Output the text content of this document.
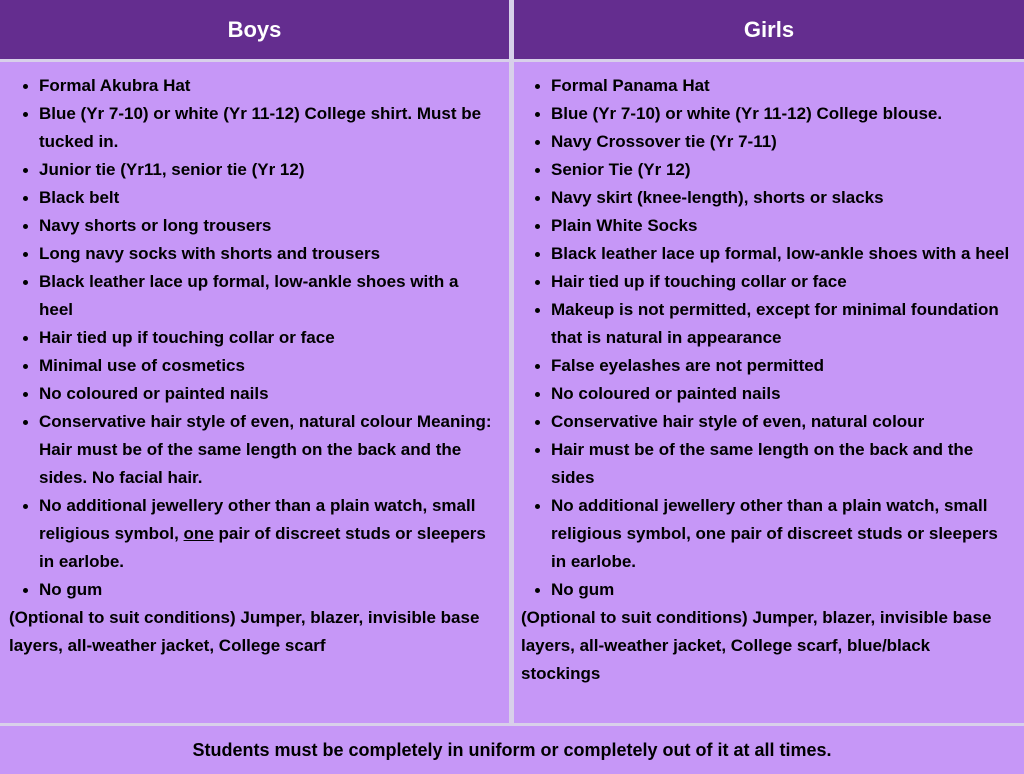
Boys	Girls
Formal Akubra Hat
Blue (Yr 7-10) or white (Yr 11-12) College shirt. Must be tucked in.
Junior tie (Yr11, senior tie (Yr 12)
Black belt
Navy shorts or long trousers
Long navy socks with shorts and trousers
Black leather lace up formal, low-ankle shoes with a heel
Hair tied up if touching collar or face
Minimal use of cosmetics
No coloured or painted nails
Conservative hair style of even, natural colour Meaning: Hair must be of the same length on the back and the sides. No facial hair.
No additional jewellery other than a plain watch, small religious symbol, one pair of discreet studs or sleepers in earlobe.
No gum

(Optional to suit conditions) Jumper, blazer, invisible base layers, all-weather jacket, College scarf

Formal Panama Hat
Blue (Yr 7-10) or white (Yr 11-12) College blouse.
Navy Crossover tie (Yr 7-11)
Senior Tie (Yr 12)
Navy skirt (knee-length), shorts or slacks
Plain White Socks
Black leather lace up formal, low-ankle shoes with a heel
Hair tied up if touching collar or face
Makeup is not permitted, except for minimal foundation that is natural in appearance
False eyelashes are not permitted
No coloured or painted nails
Conservative hair style of even, natural colour
Hair must be of the same length on the back and the sides
No additional jewellery other than a plain watch, small religious symbol, one pair of discreet studs or sleepers in earlobe.
No gum

(Optional to suit conditions) Jumper, blazer, invisible base layers, all-weather jacket, College scarf, blue/black stockings

Students must be completely in uniform or completely out of it at all times.
